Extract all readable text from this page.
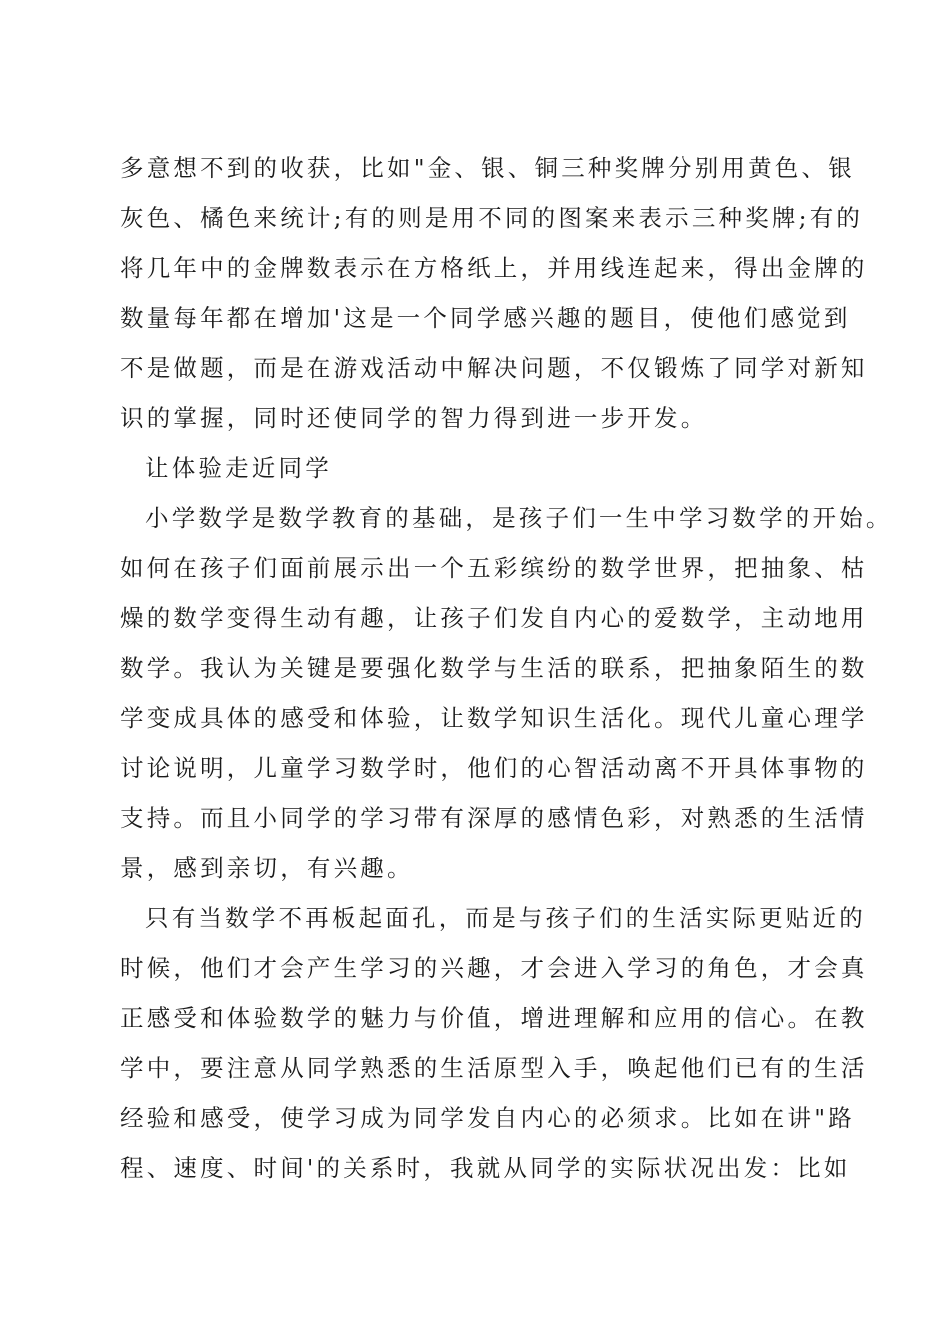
多意想不到的收获，比如"金、银、铜三种奖牌分别用黄色、银
灰色、橘色来统计;有的则是用不同的图案来表示三种奖牌;有的
将几年中的金牌数表示在方格纸上，并用线连起来，得出金牌的
数量每年都在增加'这是一个同学感兴趣的题目，使他们感觉到
不是做题，而是在游戏活动中解决问题，不仅锻炼了同学对新知
识的掌握，同时还使同学的智力得到进一步开发。
让体验走近同学
小学数学是数学教育的基础，是孩子们一生中学习数学的开始。
如何在孩子们面前展示出一个五彩缤纷的数学世界，把抽象、枯
燥的数学变得生动有趣，让孩子们发自内心的爱数学，主动地用
数学。我认为关键是要强化数学与生活的联系，把抽象陌生的数
学变成具体的感受和体验，让数学知识生活化。现代儿童心理学
讨论说明，儿童学习数学时，他们的心智活动离不开具体事物的
支持。而且小同学的学习带有深厚的感情色彩，对熟悉的生活情
景，感到亲切，有兴趣。
只有当数学不再板起面孔，而是与孩子们的生活实际更贴近的
时候，他们才会产生学习的兴趣，才会进入学习的角色，才会真
正感受和体验数学的魅力与价值，增进理解和应用的信心。在教
学中，要注意从同学熟悉的生活原型入手，唤起他们已有的生活
经验和感受，使学习成为同学发自内心的必须求。比如在讲"路
程、速度、时间'的关系时，我就从同学的实际状况出发：比如
